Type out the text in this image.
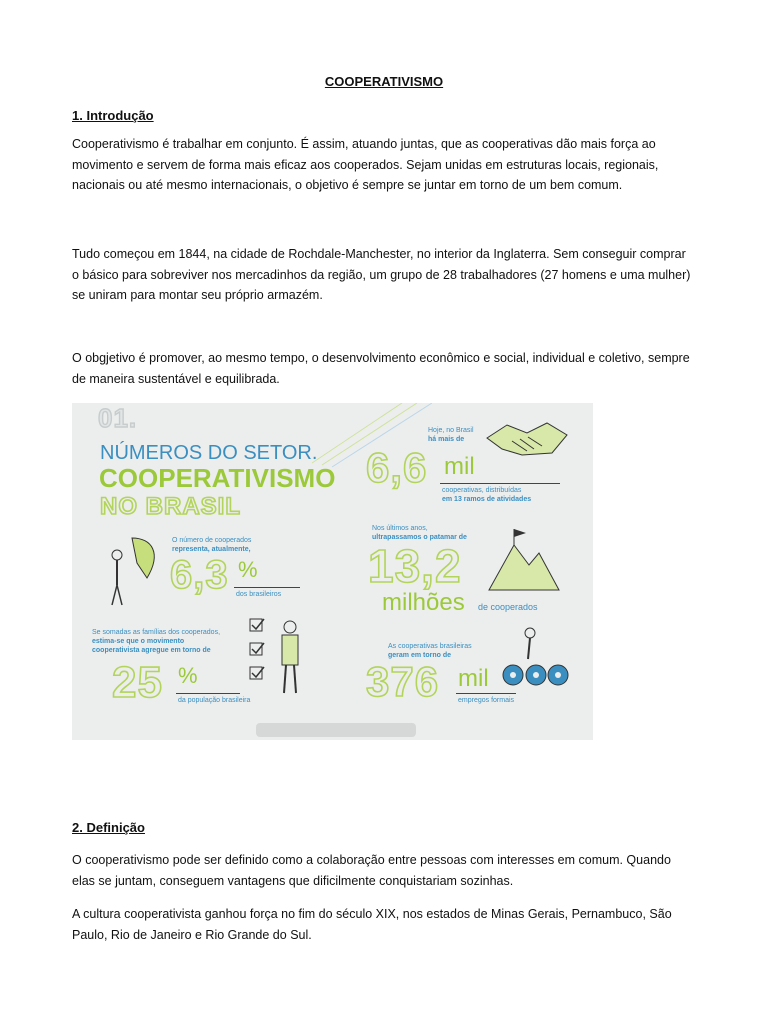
COOPERATIVISMO
1. Introdução
Cooperativismo é trabalhar em conjunto. É assim, atuando juntas, que as cooperativas dão mais força ao movimento e servem de forma mais eficaz aos cooperados. Sejam unidas em estruturas locais, regionais, nacionais ou até mesmo internacionais, o objetivo é sempre se juntar em torno de um bem comum.
Tudo começou em 1844, na cidade de Rochdale-Manchester, no interior da Inglaterra. Sem conseguir comprar o básico para sobreviver nos mercadinhos da região, um grupo de 28 trabalhadores (27 homens e uma mulher) se uniram para montar seu próprio armazém.
O obgjetivo é promover, ao mesmo tempo, o desenvolvimento econômico e social, individual e coletivo, sempre de maneira sustentável e equilibrada.
01.
NÚMEROS DO SETOR.
COOPERATIVISMO
NO BRASIL
Hoje, no Brasil
há mais de
6,6 mil
cooperativas, distribuídas
em 13 ramos de atividades
O número de cooperados
representa, atualmente,
6,3 %
dos brasileiros
Nos últimos anos,
ultrapassamos o patamar de
13,2
milhões de cooperados
Se somadas as famílias dos cooperados,
estima-se que o movimento
cooperativista agregue em torno de
25 %
da população brasileira
As cooperativas brasileiras
geram em torno de
376 mil
empregos formais
2. Definição
O cooperativismo pode ser definido como a colaboração entre pessoas com interesses em comum. Quando elas se juntam, conseguem vantagens que dificilmente conquistariam sozinhas.
A cultura cooperativista ganhou força no fim do século XIX, nos estados de Minas Gerais, Pernambuco, São Paulo, Rio de Janeiro e Rio Grande do Sul.
